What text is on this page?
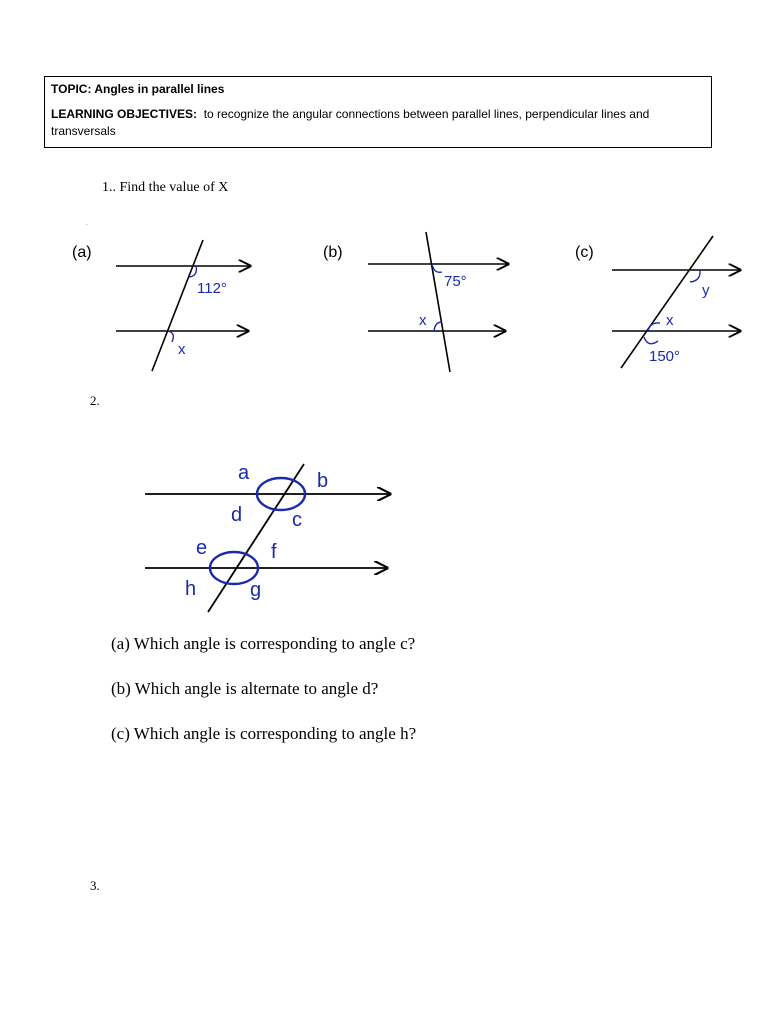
TOPIC: Angles in parallel lines
LEARNING OBJECTIVES: to recognize the angular connections between parallel lines, perpendicular lines and transversals
1.. Find the value of X
.
(a)
112°
x
(b)
75°
x
(c)
y
x
150°
a	b
c
d
e	f
g
h
2.
(a) Which angle is corresponding to angle c?
(b) Which angle is alternate to angle d?
(c) Which angle is corresponding to angle h?
3.
